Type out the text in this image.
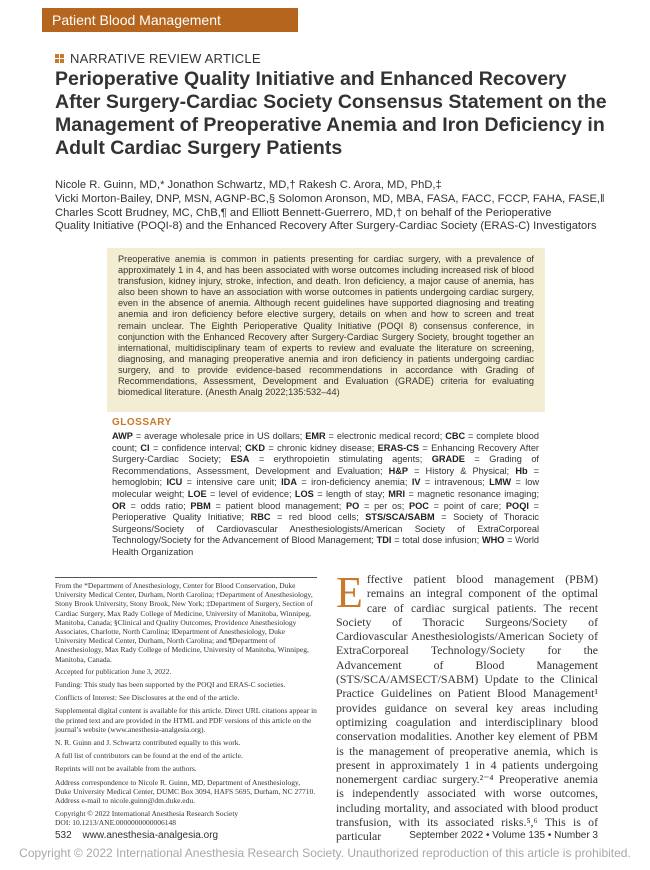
Patient Blood Management
NARRATIVE REVIEW ARTICLE
Perioperative Quality Initiative and Enhanced Recovery After Surgery-Cardiac Society Consensus Statement on the Management of Preoperative Anemia and Iron Deficiency in Adult Cardiac Surgery Patients
Nicole R. Guinn, MD,* Jonathon Schwartz, MD,† Rakesh C. Arora, MD, PhD,‡
Vicki Morton-Bailey, DNP, MSN, AGNP-BC,§ Solomon Aronson, MD, MBA, FASA, FACC, FCCP, FAHA, FASE,‖
Charles Scott Brudney, MC, ChB,¶ and Elliott Bennett-Guerrero, MD,† on behalf of the Perioperative
Quality Initiative (POQI-8) and the Enhanced Recovery After Surgery-Cardiac Society (ERAS-C) Investigators
Preoperative anemia is common in patients presenting for cardiac surgery, with a prevalence of approximately 1 in 4, and has been associated with worse outcomes including increased risk of blood transfusion, kidney injury, stroke, infection, and death. Iron deficiency, a major cause of anemia, has also been shown to have an association with worse outcomes in patients undergoing cardiac surgery, even in the absence of anemia. Although recent guidelines have supported diagnosing and treating anemia and iron deficiency before elective surgery, details on when and how to screen and treat remain unclear. The Eighth Perioperative Quality Initiative (POQI 8) consensus conference, in conjunction with the Enhanced Recovery after Surgery-Cardiac Surgery Society, brought together an international, multidisciplinary team of experts to review and evaluate the literature on screening, diagnosing, and managing preoperative anemia and iron deficiency in patients undergoing cardiac surgery, and to provide evidence-based recommendations in accordance with Grading of Recommendations, Assessment, Development and Evaluation (GRADE) criteria for evaluating biomedical literature. (Anesth Analg 2022;135:532–44)
GLOSSARY
AWP = average wholesale price in US dollars; EMR = electronic medical record; CBC = complete blood count; CI = confidence interval; CKD = chronic kidney disease; ERAS-CS = Enhancing Recovery After Surgery-Cardiac Society; ESA = erythropoietin stimulating agents; GRADE = Grading of Recommendations, Assessment, Development and Evaluation; H&P = History & Physical; Hb = hemoglobin; ICU = intensive care unit; IDA = iron-deficiency anemia; IV = intravenous; LMW = low molecular weight; LOE = level of evidence; LOS = length of stay; MRI = magnetic resonance imaging; OR = odds ratio; PBM = patient blood management; PO = per os; POC = point of care; POQI = Perioperative Quality Initiative; RBC = red blood cells; STS/SCA/SABM = Society of Thoracic Surgeons/Society of Cardiovascular Anesthesiologists/American Society of ExtraCorporeal Technology/Society for the Advancement of Blood Management; TDI = total dose infusion; WHO = World Health Organization

From the *Department of Anesthesiology, Center for Blood Conservation, Duke University Medical Center, Durham, North Carolina; †Department of Anesthesiology, Stony Brook University, Stony Brook, New York; ‡Department of Surgery, Section of Cardiac Surgery, Max Rady College of Medicine, University of Manitoba, Winnipeg, Manitoba, Canada; §Clinical and Quality Outcomes, Providence Anesthesiology Associates, Charlotte, North Carolina; ‖Department of Anesthesiology, Duke University Medical Center, Durham, North Carolina; and ¶Department of Anesthesiology, Max Rady College of Medicine, University of Manitoba, Winnipeg, Manitoba, Canada.

Accepted for publication June 3, 2022.

Funding: This study has been supported by the POQI and ERAS-C societies.

Conflicts of Interest: See Disclosures at the end of the article.

Supplemental digital content is available for this article. Direct URL citations appear in the printed text and are provided in the HTML and PDF versions of this article on the journal’s website (www.anesthesia-analgesia.org).

N. R. Guinn and J. Schwartz contributed equally to this work.

A full list of contributors can be found at the end of the article.

Reprints will not be available from the authors.

Address correspondence to Nicole R. Guinn, MD, Department of Anesthesiology, Duke University Medical Center, DUMC Box 3094, HAFS 5695, Durham, NC 27710. Address e-mail to nicole.guinn@dm.duke.edu.

Copyright © 2022 International Anesthesia Research Society
DOI: 10.1213/ANE.0000000000006148
Effective patient blood management (PBM) remains an integral component of the optimal care of cardiac surgical patients. The recent Society of Thoracic Surgeons/Society of Cardiovascular Anesthesiologists/American Society of ExtraCorporeal Technology/Society for the Advancement of Blood Management (STS/SCA/AMSECT/SABM) Update to the Clinical Practice Guidelines on Patient Blood Management¹ provides guidance on several key areas including optimizing coagulation and interdisciplinary blood conservation modalities. Another key element of PBM is the management of preoperative anemia, which is present in approximately 1 in 4 patients undergoing nonemergent cardiac surgery.²⁻⁴ Preoperative anemia is independently associated with worse outcomes, including mortality, and associated with blood product transfusion, with its associated risks.⁵,⁶ This is of particular
532 www.anesthesia-analgesia.org	September 2022 • Volume 135 • Number 3
Copyright © 2022 International Anesthesia Research Society. Unauthorized reproduction of this article is prohibited.
